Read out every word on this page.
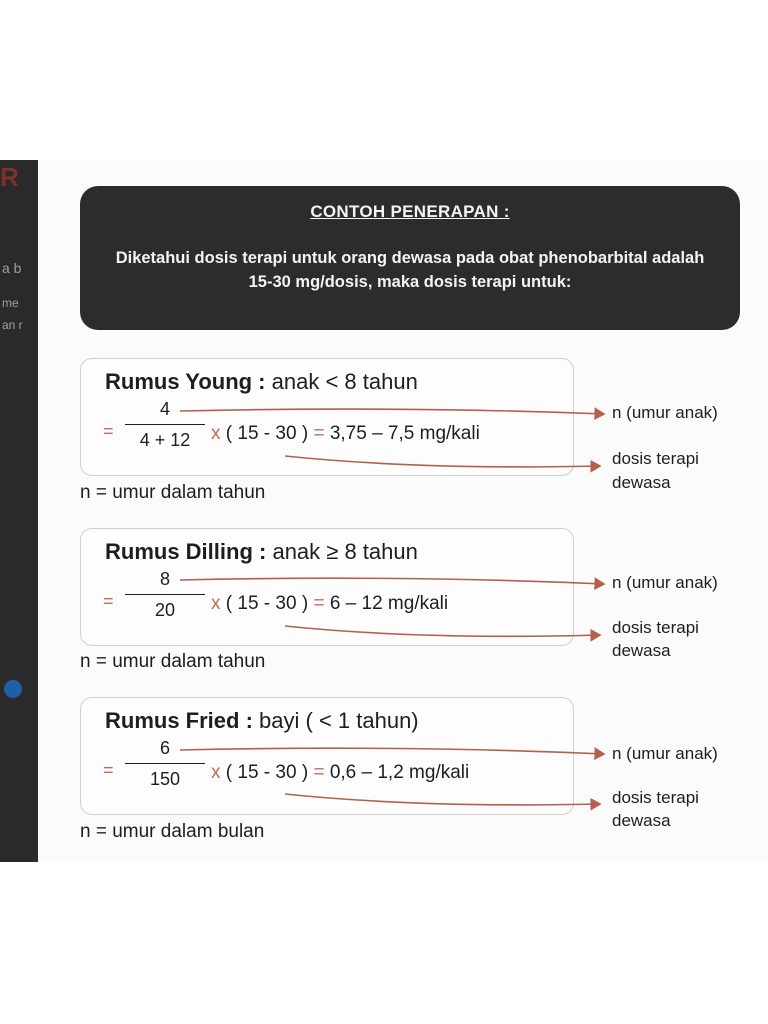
R
a b
me
an r
CONTOH PENERAPAN :
Diketahui dosis terapi untuk orang dewasa pada obat phenobarbital adalah 15-30 mg/dosis, maka dosis terapi untuk:
Rumus Young : anak < 8 tahun
=
4
4 + 12	x ( 15 - 30 ) = 3,75 – 7,5 mg/kali
n = umur dalam tahun
n (umur anak)
dosis terapi
dewasa
Rumus Dilling : anak ≥ 8 tahun
=
8
20	x ( 15 - 30 ) = 6 – 12 mg/kali
n = umur dalam tahun
n (umur anak)
dosis terapi
dewasa
Rumus Fried : bayi ( < 1 tahun)
=
6
150	x ( 15 - 30 ) = 0,6 – 1,2 mg/kali
n = umur dalam bulan
n (umur anak)
dosis terapi
dewasa
